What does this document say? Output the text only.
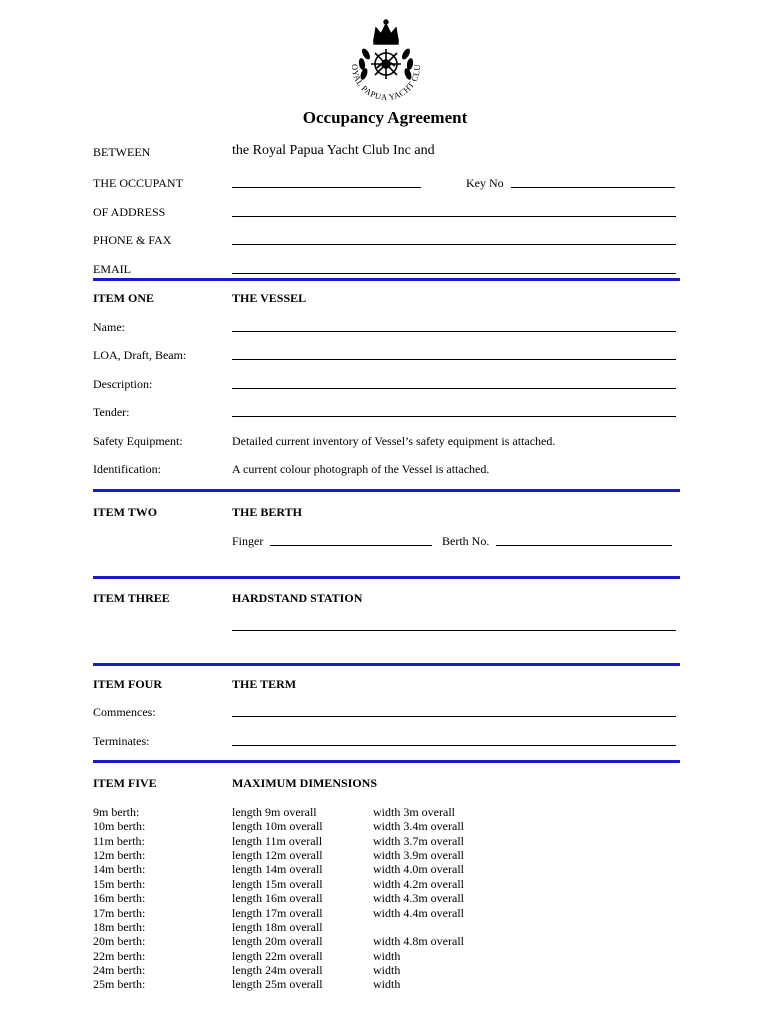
OYAL PAPUA YACHT CLU
Occupancy Agreement
BETWEEN	the Royal Papua Yacht Club Inc and
THE OCCUPANT	Key No
OF ADDRESS
PHONE & FAX
EMAIL
ITEM ONE	THE VESSEL
Name:
LOA, Draft, Beam:
Description:
Tender:
Safety Equipment:	Detailed current inventory of Vessel’s safety equipment is attached.
Identification:	A current colour photograph of the Vessel is attached.
ITEM TWO	THE BERTH
Finger	Berth No.
ITEM THREE	HARDSTAND STATION
ITEM FOUR	THE TERM
Commences:
Terminates:
ITEM FIVE	MAXIMUM DIMENSIONS
9m berth:	length 9m overall	width 3m overall
10m berth:	length 10m overall	width 3.4m overall
11m berth:	length 11m overall	width 3.7m overall
12m berth:	length 12m overall	width 3.9m overall
14m berth:	length 14m overall	width 4.0m overall
15m berth:	length 15m overall	width 4.2m overall
16m berth:	length 16m overall	width 4.3m overall
17m berth:	length 17m overall	width 4.4m overall
18m berth:	length 18m overall
20m berth:	length 20m overall	width 4.8m overall
22m berth:	length 22m overall	width
24m berth:	length 24m overall	width
25m berth:	length 25m overall	width
